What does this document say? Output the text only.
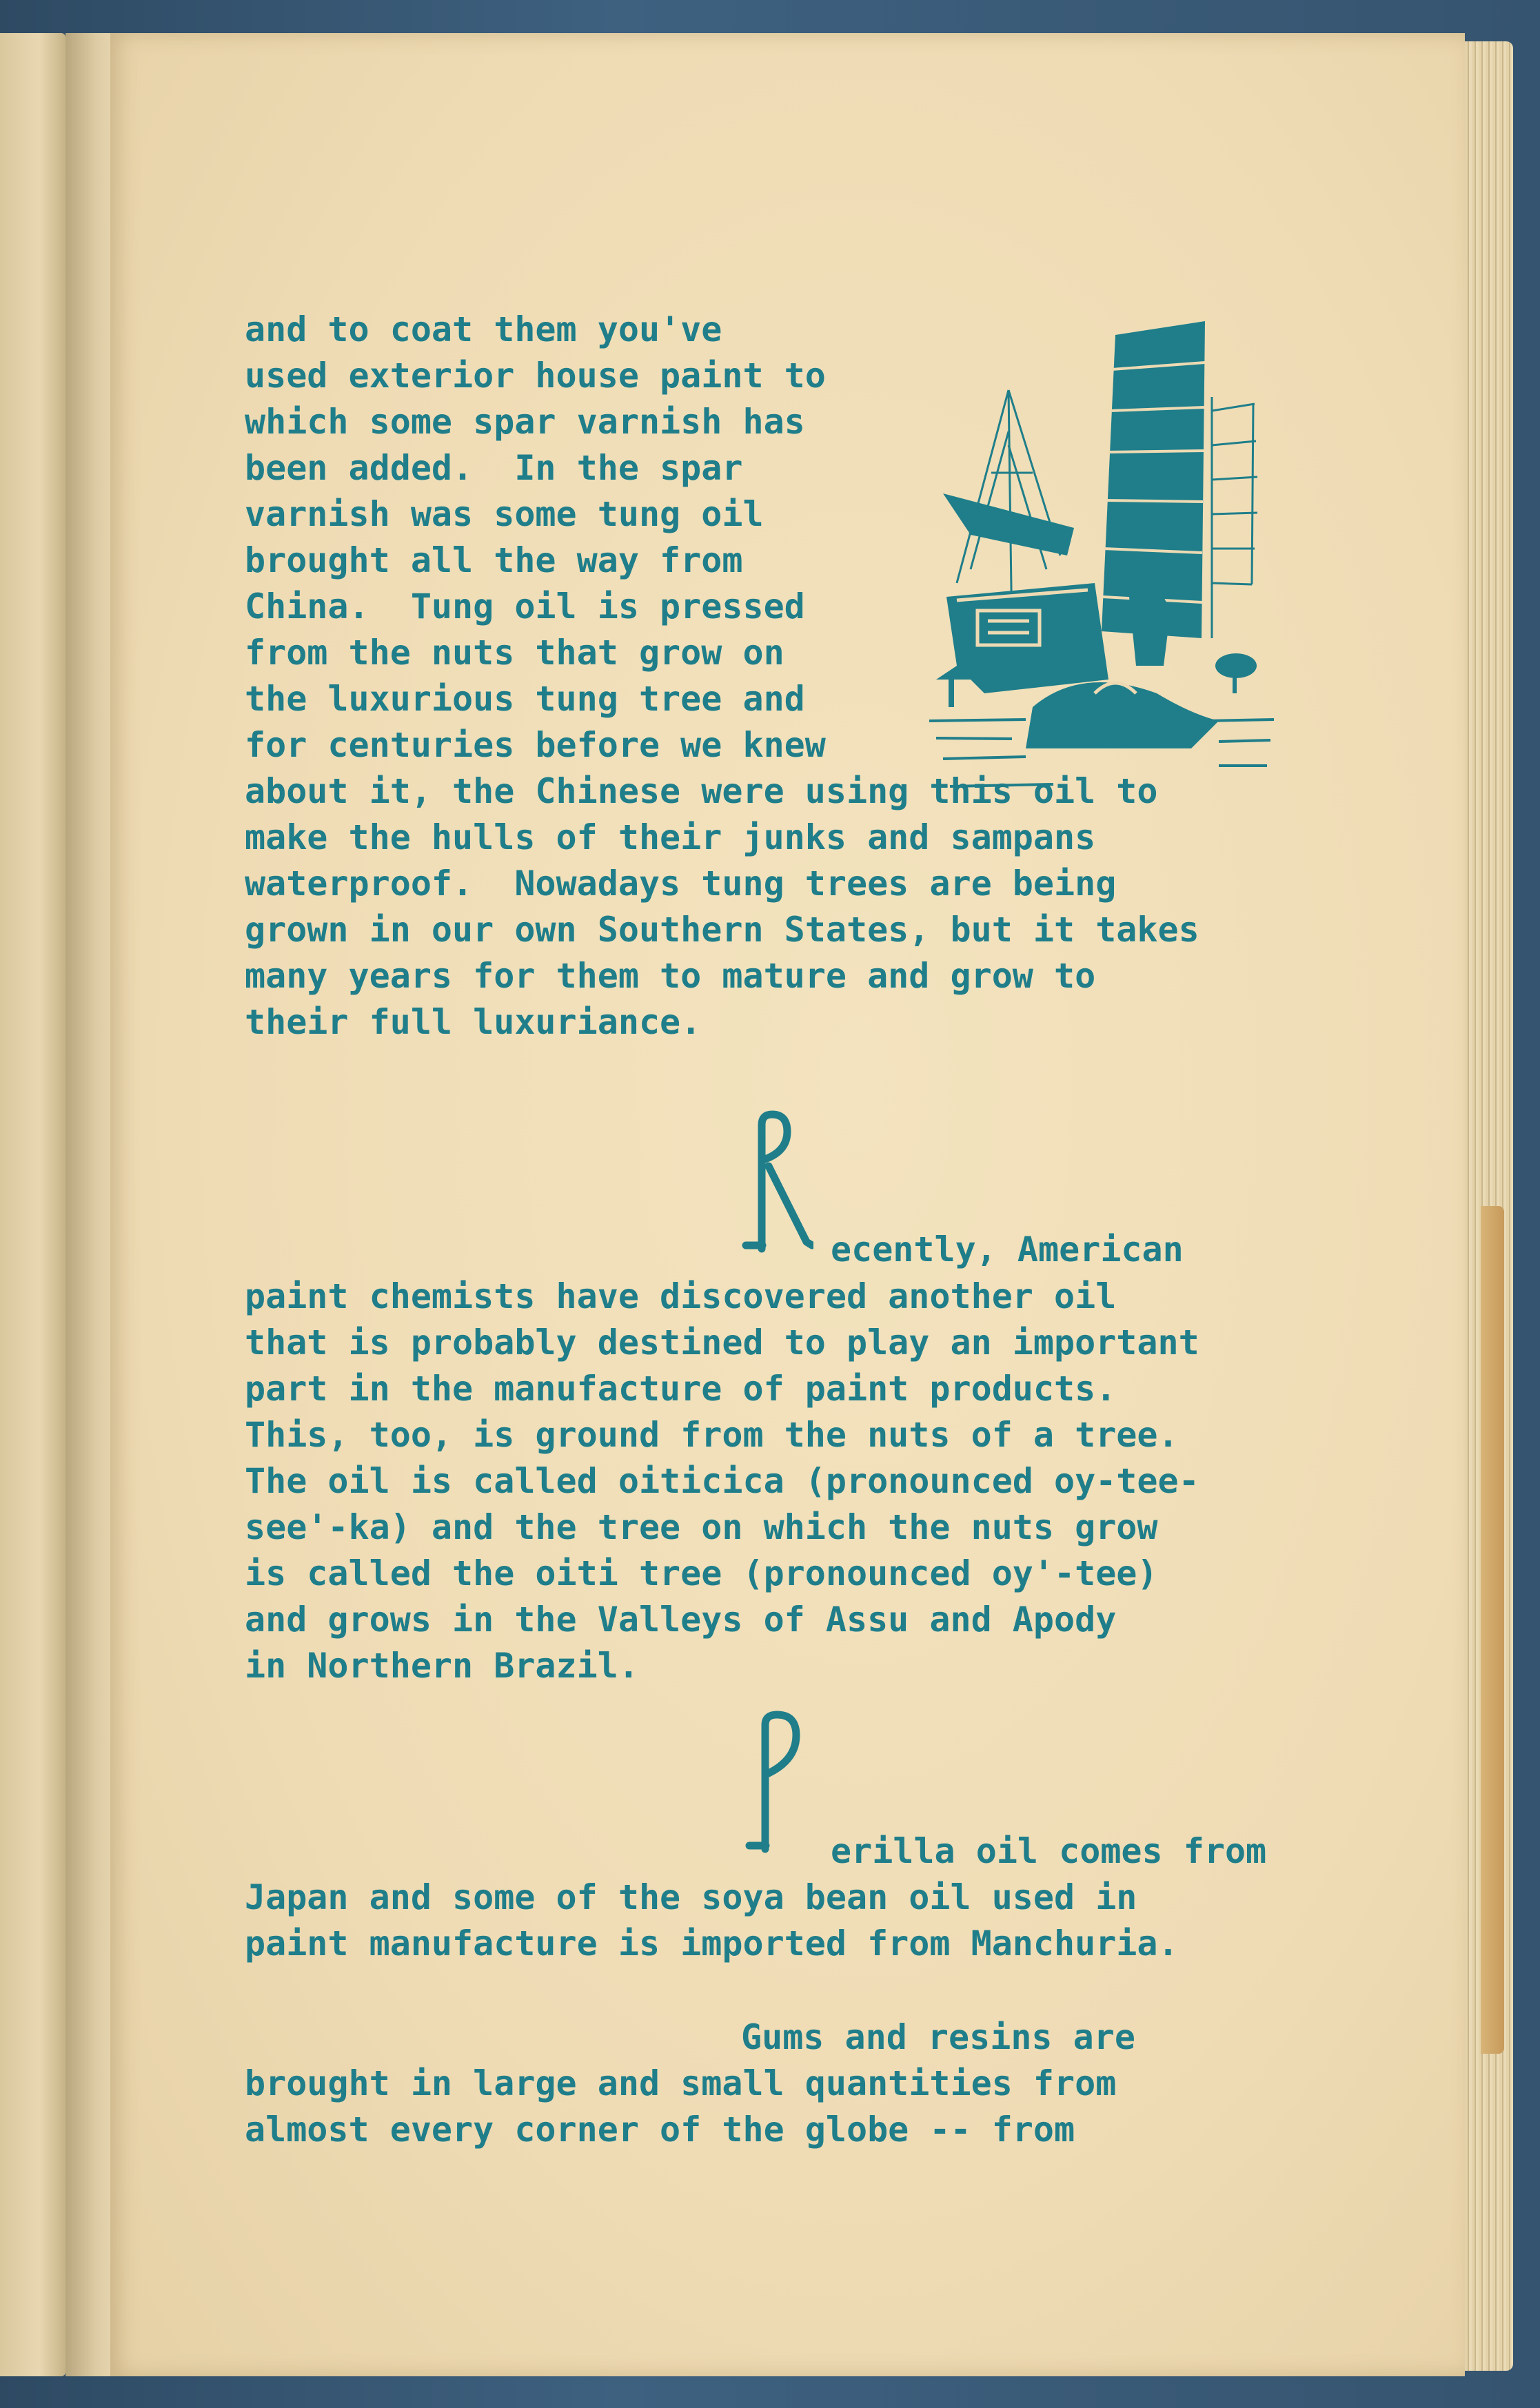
and to coat them you've

used exterior house paint to

which some spar varnish has

been added.  In the spar

varnish was some tung oil

brought all the way from

China.  Tung oil is pressed

from the nuts that grow on

the luxurious tung tree and

for centuries before we knew

about it, the Chinese were using this oil to

make the hulls of their junks and sampans

waterproof.  Nowadays tung trees are being

grown in our own Southern States, but it takes

many years for them to mature and grow to

their full luxuriance.

ecently, American

paint chemists have discovered another oil

that is probably destined to play an important

part in the manufacture of paint products.

This, too, is ground from the nuts of a tree.

The oil is called oiticica (pronounced oy-tee-

see'-ka) and the tree on which the nuts grow

is called the oiti tree (pronounced oy'-tee)

and grows in the Valleys of Assu and Apody

in Northern Brazil.

erilla oil comes from

Japan and some of the soya bean oil used in

paint manufacture is imported from Manchuria.

Gums and resins are

brought in large and small quantities from

almost every corner of the globe -- from
